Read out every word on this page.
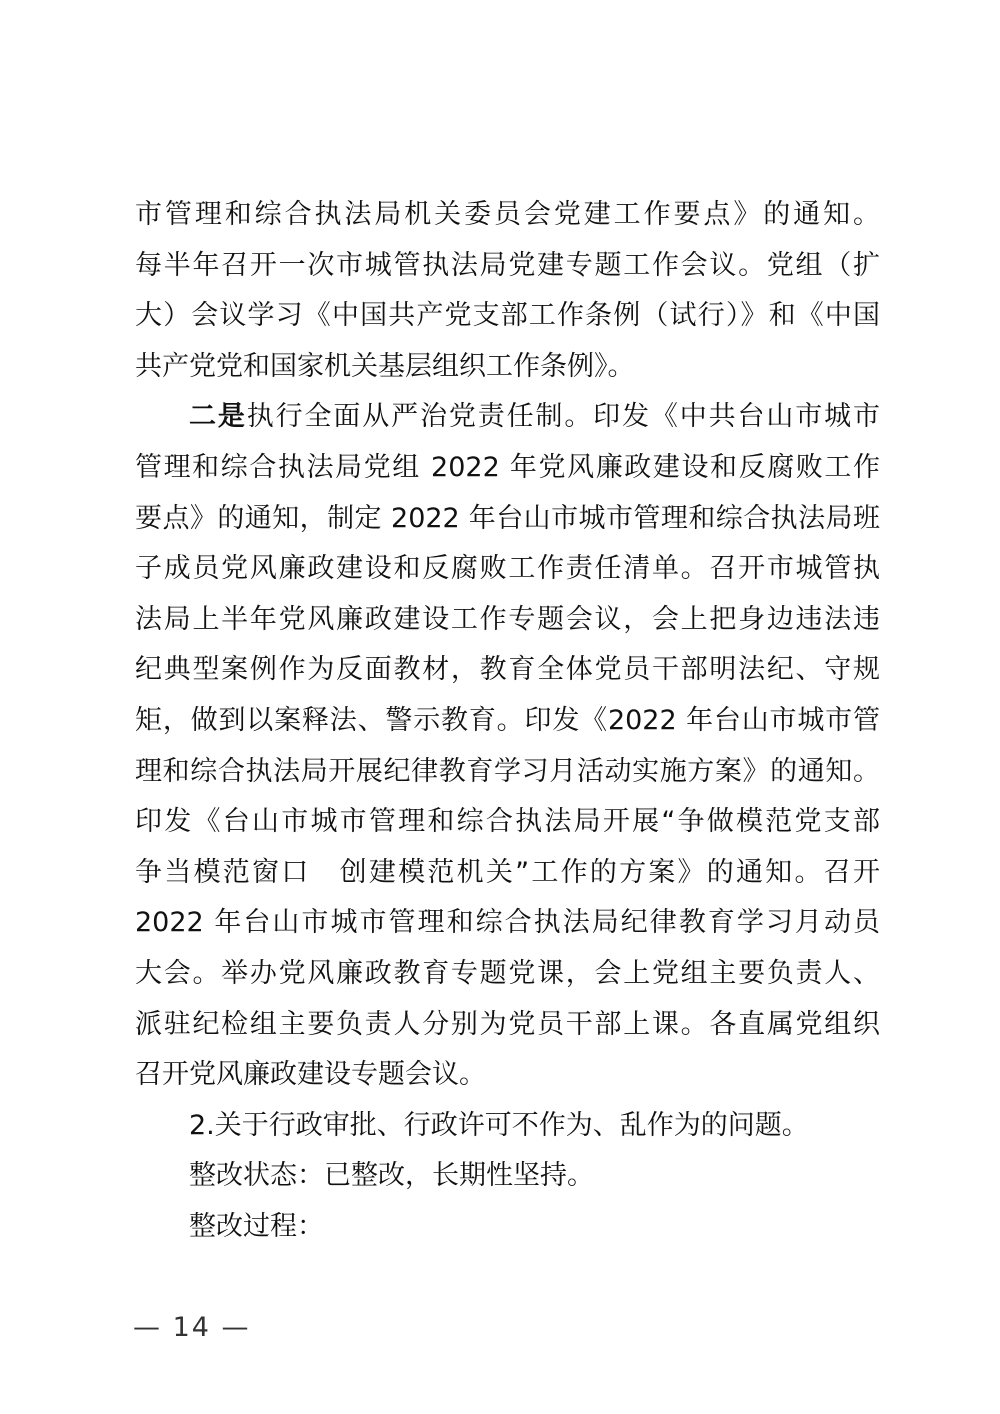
市管理和综合执法局机关委员会党建工作要点》的通知。
每半年召开一次市城管执法局党建专题工作会议。党组（扩
大）会议学习《中国共产党支部工作条例（试行）》和《中国
共产党党和国家机关基层组织工作条例》。
二是执行全面从严治党责任制。印发《中共台山市城市
管理和综合执法局党组 2022 年党风廉政建设和反腐败工作
要点》的通知，制定 2022 年台山市城市管理和综合执法局班
子成员党风廉政建设和反腐败工作责任清单。召开市城管执
法局上半年党风廉政建设工作专题会议，会上把身边违法违
纪典型案例作为反面教材，教育全体党员干部明法纪、守规
矩，做到以案释法、警示教育。印发《2022 年台山市城市管
理和综合执法局开展纪律教育学习月活动实施方案》的通知。
印发《台山市城市管理和综合执法局开展“争做模范党支部
争当模范窗口　创建模范机关”工作的方案》的通知。召开
2022 年台山市城市管理和综合执法局纪律教育学习月动员
大会。举办党风廉政教育专题党课，会上党组主要负责人、
派驻纪检组主要负责人分别为党员干部上课。各直属党组织
召开党风廉政建设专题会议。
2.关于行政审批、行政许可不作为、乱作为的问题。
整改状态：已整改，长期性坚持。
整改过程：
— 14 —
